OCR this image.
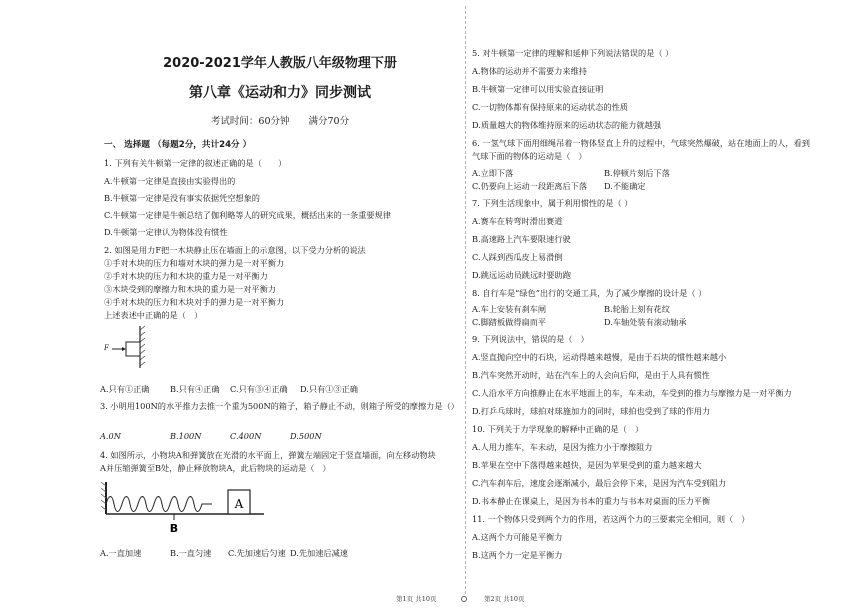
2020-2021学年人教版八年级物理下册
第八章《运动和力》同步测试
考试时间：60分钟　　满分70分
一、 选择题 （每题2分，共计24分 ）
1. 下列有关牛顿第一定律的叙述正确的是（　　）
A.牛顿第一定律是直接由实验得出的
B.牛顿第一定律是没有事实依据凭空想象的
C.牛顿第一定律是牛顿总结了伽利略等人的研究成果，概括出来的一条重要规律
D.牛顿第一定律认为物体没有惯性
2. 如图是用力F把一木块静止压在墙面上的示意图，以下受力分析的说法
①手对木块的压力和墙对木块的弹力是一对平衡力
②手对木块的压力和木块的重力是一对平衡力
③木块受到的摩擦力和木块的重力是一对平衡力
④手对木块的压力和木块对手的弹力是一对平衡力
上述表述中正确的是（　）
F
A.只有①正确	B.只有④正确 C.只有③④正确 D.只有①③正确
3. 小明用100N的水平推力去推一个重为500N的箱子，箱子静止不动，则箱子所受的摩擦力是（）
A.0N	B.100N	C.400N	D.500N
4. 如图所示，小物块A和弹簧放在光滑的水平面上，弹簧左端固定于竖直墙面，向左移动物块
A并压缩弹簧至B处，静止释放物块A，此后物块的运动是（　）
A
B
A.一直加速	B.一直匀速 C.先加速后匀速 D.先加速后减速
5. 对牛顿第一定律的理解和延伸下列说法错误的是（ ）
A.物体的运动并不需要力来维持
B.牛顿第一定律可以用实验直接证明
C.一切物体都有保持原来的运动状态的性质
D.质量越大的物体维持原来的运动状态的能力就越强
6. 一氢气球下面用细绳吊着一物体竖直上升的过程中，气球突然爆破，站在地面上的人，看到
气球下面的物体的运动是（　）
A.立即下落	B.停顿片刻后下落
C.仍要向上运动一段距离后下落 D.不能确定
7. 下列生活现象中，属于利用惯性的是（ ）
A.赛车在转弯时滑出赛道
B.高速路上汽车要限速行驶
C.人踩到西瓜皮上易滑倒
D.跳远运动员跳远时要助跑
8. 自行车是“绿色”出行的交通工具，为了减少摩擦的设计是（ ）
A.车上安装有刹车闸	B.轮胎上刻有花纹
C.脚踏板做得扁而平	D.车轴处装有滚动轴承
9. 下列说法中，错误的是（　）
A.竖直抛向空中的石块，运动得越来越慢，是由于石块的惯性越来越小
B.汽车突然开动时，站在汽车上的人会向后仰，是由于人具有惯性
C.人沿水平方向推静止在水平地面上的车，车未动，车受到的推力与摩擦力是一对平衡力
D.打乒乓球时，球拍对球施加力的同时，球拍也受到了球的作用力
10. 下列关于力学现象的解释中正确的是（　）
A.人用力推车，车未动，是因为推力小于摩擦阻力
B.苹果在空中下落得越来越快，是因为苹果受到的重力越来越大
C.汽车刹车后，速度会逐渐减小，最后会停下来，是因为汽车受到阻力
D.书本静止在课桌上，是因为书本的重力与书本对桌面的压力平衡
11. 一个物体只受到两个力的作用，若这两个力的三要素完全相同，则（　）
A.这两个力可能是平衡力
B.这两个力一定是平衡力
第1页 共10页	第2页 共10页
